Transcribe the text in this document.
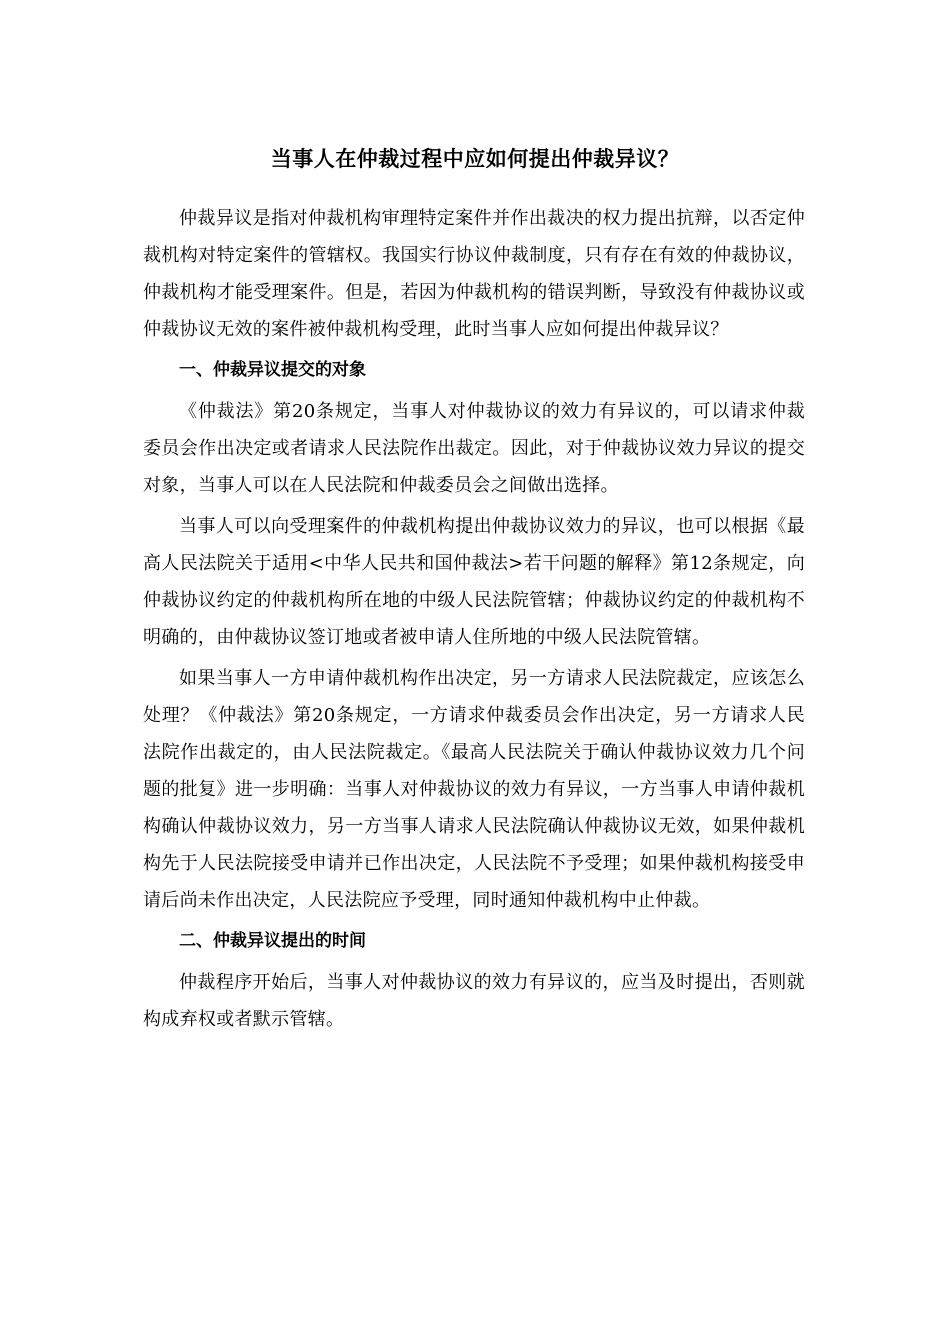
当事人在仲裁过程中应如何提出仲裁异议？

仲裁异议是指对仲裁机构审理特定案件并作出裁决的权力提出抗辩，以否定仲裁机构对特定案件的管辖权。我国实行协议仲裁制度，只有存在有效的仲裁协议，仲裁机构才能受理案件。但是，若因为仲裁机构的错误判断，导致没有仲裁协议或仲裁协议无效的案件被仲裁机构受理，此时当事人应如何提出仲裁异议？

一、仲裁异议提交的对象

《仲裁法》第20条规定，当事人对仲裁协议的效力有异议的，可以请求仲裁委员会作出决定或者请求人民法院作出裁定。因此，对于仲裁协议效力异议的提交对象，当事人可以在人民法院和仲裁委员会之间做出选择。

当事人可以向受理案件的仲裁机构提出仲裁协议效力的异议，也可以根据《最高人民法院关于适用<中华人民共和国仲裁法>若干问题的解释》第12条规定，向仲裁协议约定的仲裁机构所在地的中级人民法院管辖；仲裁协议约定的仲裁机构不明确的，由仲裁协议签订地或者被申请人住所地的中级人民法院管辖。

如果当事人一方申请仲裁机构作出决定，另一方请求人民法院裁定，应该怎么处理？《仲裁法》第20条规定，一方请求仲裁委员会作出决定，另一方请求人民法院作出裁定的，由人民法院裁定。《最高人民法院关于确认仲裁协议效力几个问题的批复》进一步明确：当事人对仲裁协议的效力有异议，一方当事人申请仲裁机构确认仲裁协议效力，另一方当事人请求人民法院确认仲裁协议无效，如果仲裁机构先于人民法院接受申请并已作出决定，人民法院不予受理；如果仲裁机构接受申请后尚未作出决定，人民法院应予受理，同时通知仲裁机构中止仲裁。

二、仲裁异议提出的时间

仲裁程序开始后，当事人对仲裁协议的效力有异议的，应当及时提出，否则就构成弃权或者默示管辖。
